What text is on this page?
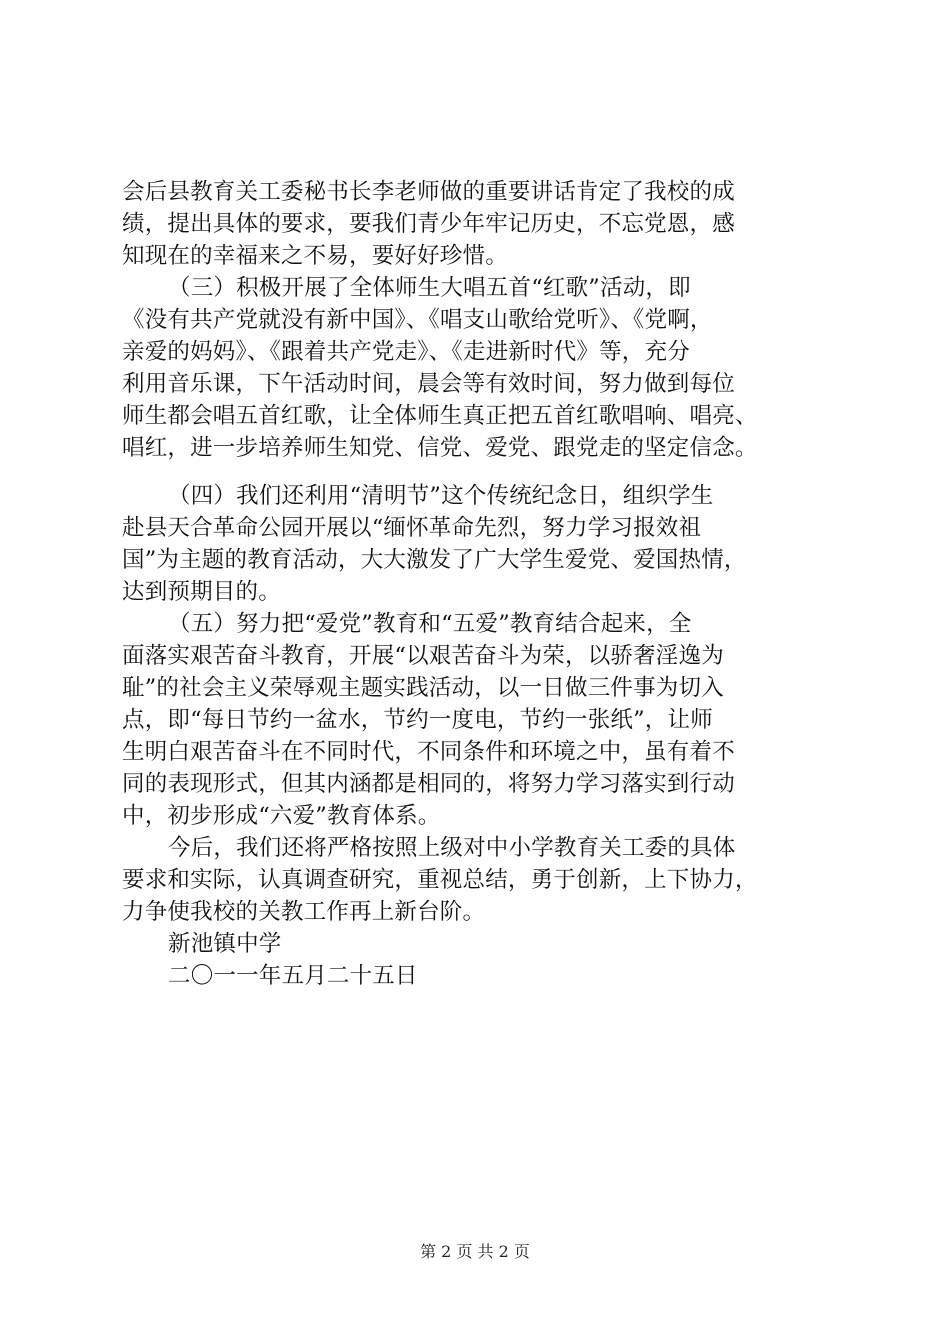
会后县教育关工委秘书长李老师做的重要讲话肯定了我校的成
绩，提出具体的要求，要我们青少年牢记历史，不忘党恩，感
知现在的幸福来之不易，要好好珍惜。
（三）积极开展了全体师生大唱五首“红歌”活动，即
《没有共产党就没有新中国》、《唱支山歌给党听》、《党啊，
亲爱的妈妈》、《跟着共产党走》、《走进新时代》等，充分
利用音乐课，下午活动时间，晨会等有效时间，努力做到每位
师生都会唱五首红歌，让全体师生真正把五首红歌唱响、唱亮、
唱红，进一步培养师生知党、信党、爱党、跟党走的坚定信念。
（四）我们还利用“清明节”这个传统纪念日，组织学生
赴县天合革命公园开展以“缅怀革命先烈，努力学习报效祖
国”为主题的教育活动，大大激发了广大学生爱党、爱国热情，
达到预期目的。
（五）努力把“爱党”教育和“五爱”教育结合起来，全
面落实艰苦奋斗教育，开展“以艰苦奋斗为荣，以骄奢淫逸为
耻”的社会主义荣辱观主题实践活动，以一日做三件事为切入
点，即“每日节约一盆水，节约一度电，节约一张纸”，让师
生明白艰苦奋斗在不同时代，不同条件和环境之中，虽有着不
同的表现形式，但其内涵都是相同的，将努力学习落实到行动
中，初步形成“六爱”教育体系。
今后，我们还将严格按照上级对中小学教育关工委的具体
要求和实际，认真调查研究，重视总结，勇于创新，上下协力，
力争使我校的关教工作再上新台阶。
新池镇中学
二〇一一年五月二十五日
第 2 页 共 2 页
